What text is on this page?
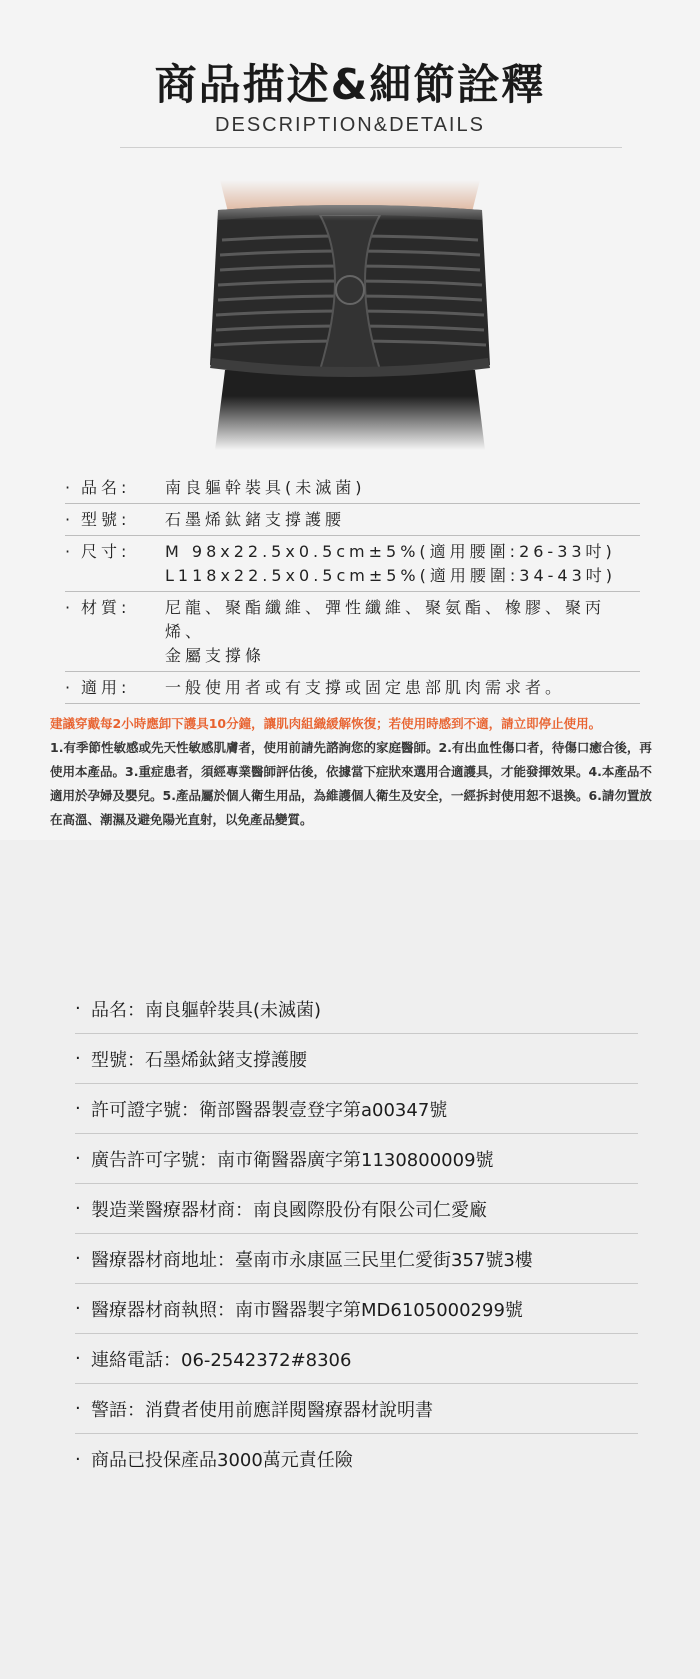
商品描述&細節詮釋
DESCRIPTION&DETAILS
· 品名:	南良軀幹裝具(未滅菌)
· 型號:	石墨烯鈦鍺支撐護腰
· 尺寸:	M 98x22.5x0.5cm±5%(適用腰圍:26-33吋)
L118x22.5x0.5cm±5%(適用腰圍:34-43吋)
· 材質:	尼龍、聚酯纖維、彈性纖維、聚氨酯、橡膠、聚丙烯、
金屬支撐條
· 適用:	一般使用者或有支撐或固定患部肌肉需求者。
建議穿戴每2小時應卸下護具10分鐘，讓肌肉組織緩解恢復；若使用時感到不適，請立即停止使用。
1.有季節性敏感或先天性敏感肌膚者，使用前請先諮詢您的家庭醫師。2.有出血性傷口者，待傷口癒合後，再使用本產品。3.重症患者，須經專業醫師評估後，依據當下症狀來選用合適護具，才能發揮效果。4.本產品不適用於孕婦及嬰兒。5.產品屬於個人衛生用品，為維護個人衛生及安全，一經拆封使用恕不退換。6.請勿置放在高溫、潮濕及避免陽光直射，以免產品變質。
· 品名：南良軀幹裝具(未滅菌)
· 型號：石墨烯鈦鍺支撐護腰
· 許可證字號：衛部醫器製壹登字第a00347號
· 廣告許可字號：南市衛醫器廣字第1130800009號
· 製造業醫療器材商：南良國際股份有限公司仁愛廠
· 醫療器材商地址：臺南市永康區三民里仁愛街357號3樓
· 醫療器材商執照：南市醫器製字第MD6105000299號
· 連絡電話：06-2542372#8306
· 警語：消費者使用前應詳閱醫療器材說明書
· 商品已投保產品3000萬元責任險
